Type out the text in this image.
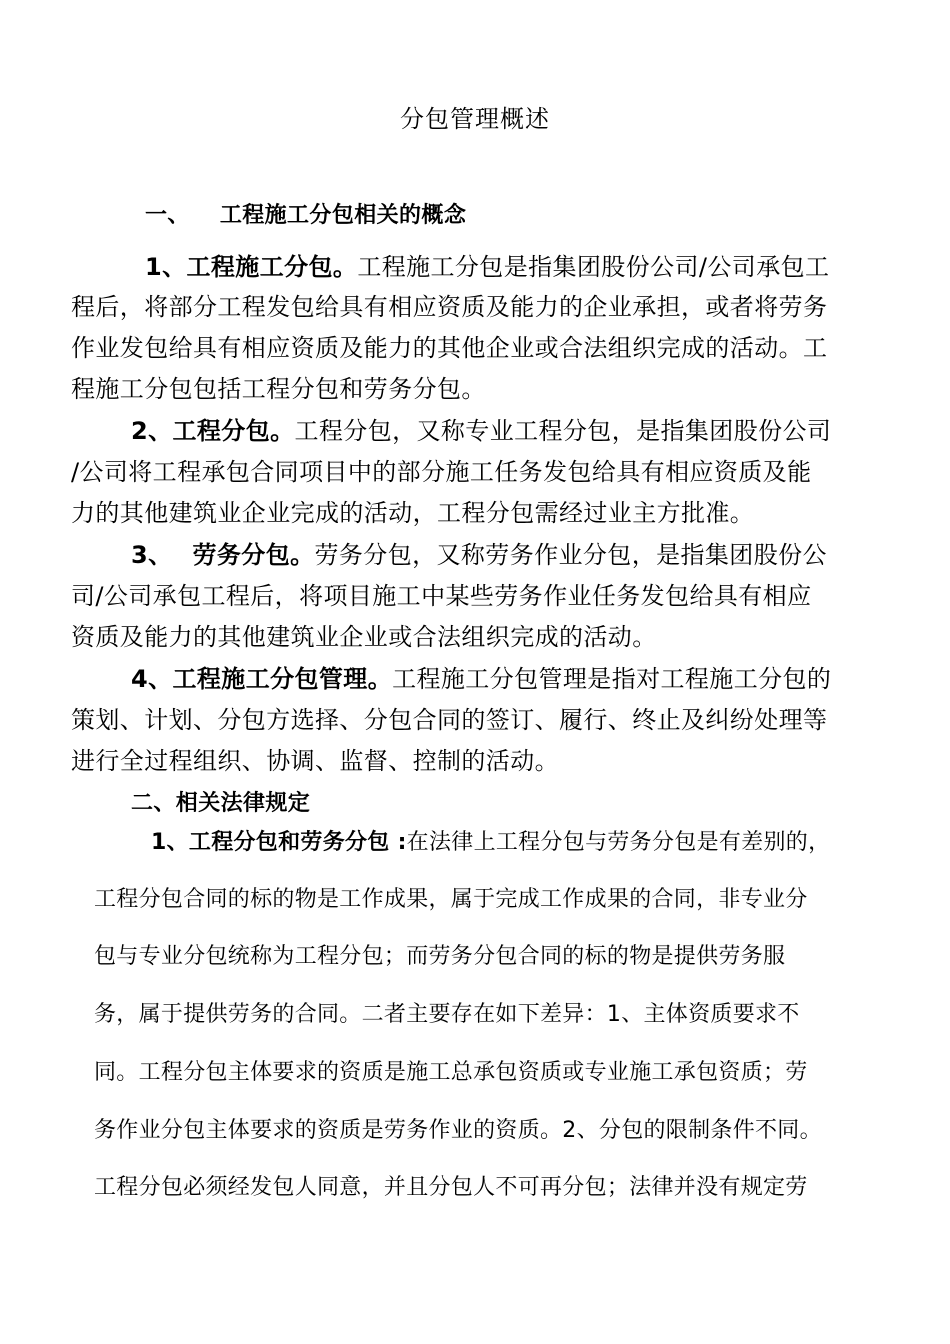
分包管理概述
一、 工程施工分包相关的概念
1、工程施工分包。工程施工分包是指集团股份公司/公司承包工
程后，将部分工程发包给具有相应资质及能力的企业承担，或者将劳务
作业发包给具有相应资质及能力的其他企业或合法组织完成的活动。工
程施工分包包括工程分包和劳务分包。
2、工程分包。工程分包，又称专业工程分包，是指集团股份公司
/公司将工程承包合同项目中的部分施工任务发包给具有相应资质及能
力的其他建筑业企业完成的活动，工程分包需经过业主方批准。
3、 劳务分包。劳务分包，又称劳务作业分包，是指集团股份公
司/公司承包工程后，将项目施工中某些劳务作业任务发包给具有相应
资质及能力的其他建筑业企业或合法组织完成的活动。
4、工程施工分包管理。工程施工分包管理是指对工程施工分包的
策划、计划、分包方选择、分包合同的签订、履行、终止及纠纷处理等
进行全过程组织、协调、监督、控制的活动。
二、相关法律规定
1、工程分包和劳务分包 :在法律上工程分包与劳务分包是有差别的，
工程分包合同的标的物是工作成果，属于完成工作成果的合同，非专业分
包与专业分包统称为工程分包；而劳务分包合同的标的物是提供劳务服
务，属于提供劳务的合同。二者主要存在如下差异：1、主体资质要求不
同。工程分包主体要求的资质是施工总承包资质或专业施工承包资质；劳
务作业分包主体要求的资质是劳务作业的资质。2、分包的限制条件不同。
工程分包必须经发包人同意，并且分包人不可再分包；法律并没有规定劳
